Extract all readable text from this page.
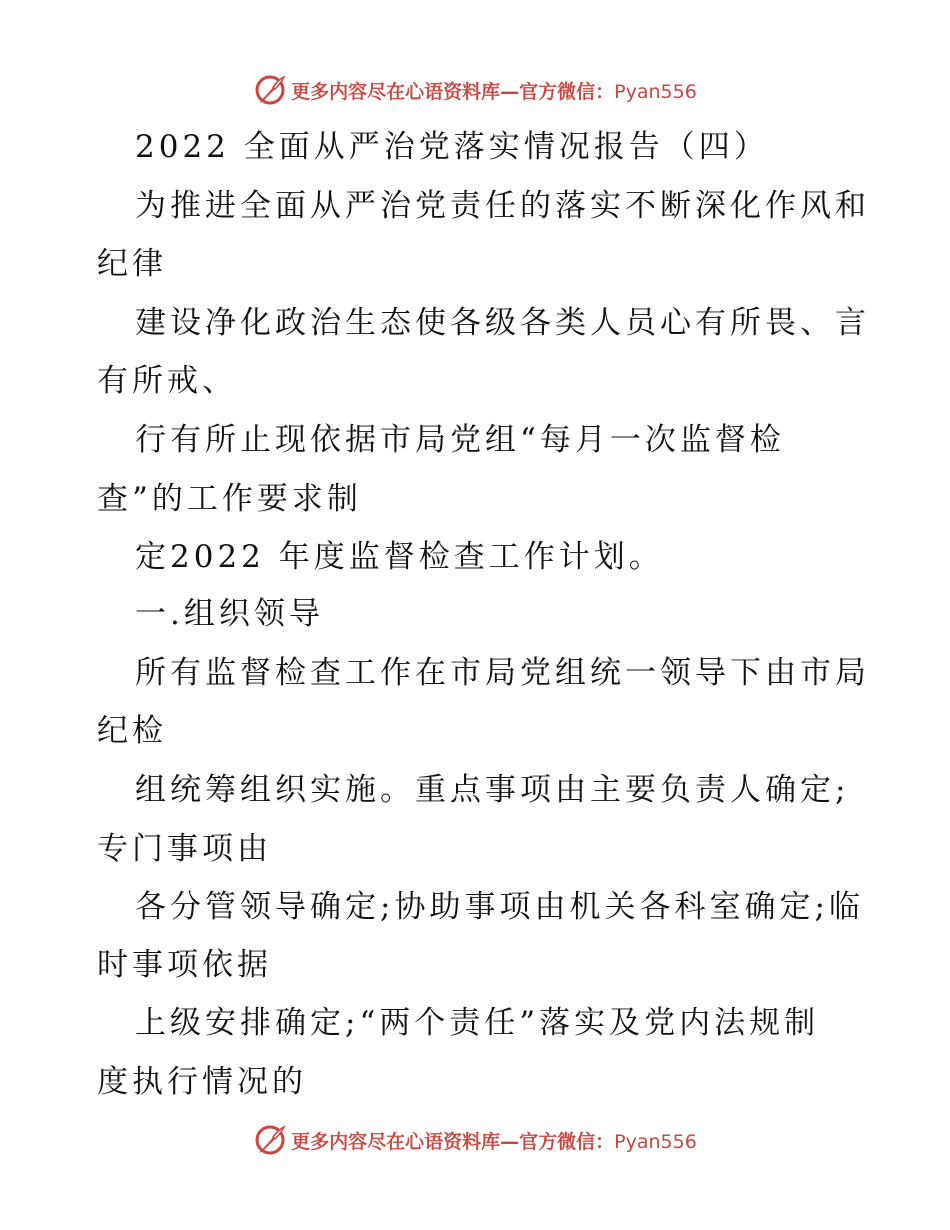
更多内容尽在心语资料库—官方微信：Pyan556
2022 全面从严治党落实情况报告（四）
为推进全面从严治党责任的落实不断深化作风和
纪律
建设净化政治生态使各级各类人员心有所畏、言
有所戒、
行有所止现依据市局党组“每月一次监督检
查”的工作要求制
定2022 年度监督检查工作计划。
一.组织领导
所有监督检查工作在市局党组统一领导下由市局
纪检
组统筹组织实施。重点事项由主要负责人确定;
专门事项由
各分管领导确定;协助事项由机关各科室确定;临
时事项依据
上级安排确定;“两个责任”落实及党内法规制
度执行情况的
更多内容尽在心语资料库—官方微信：Pyan556
